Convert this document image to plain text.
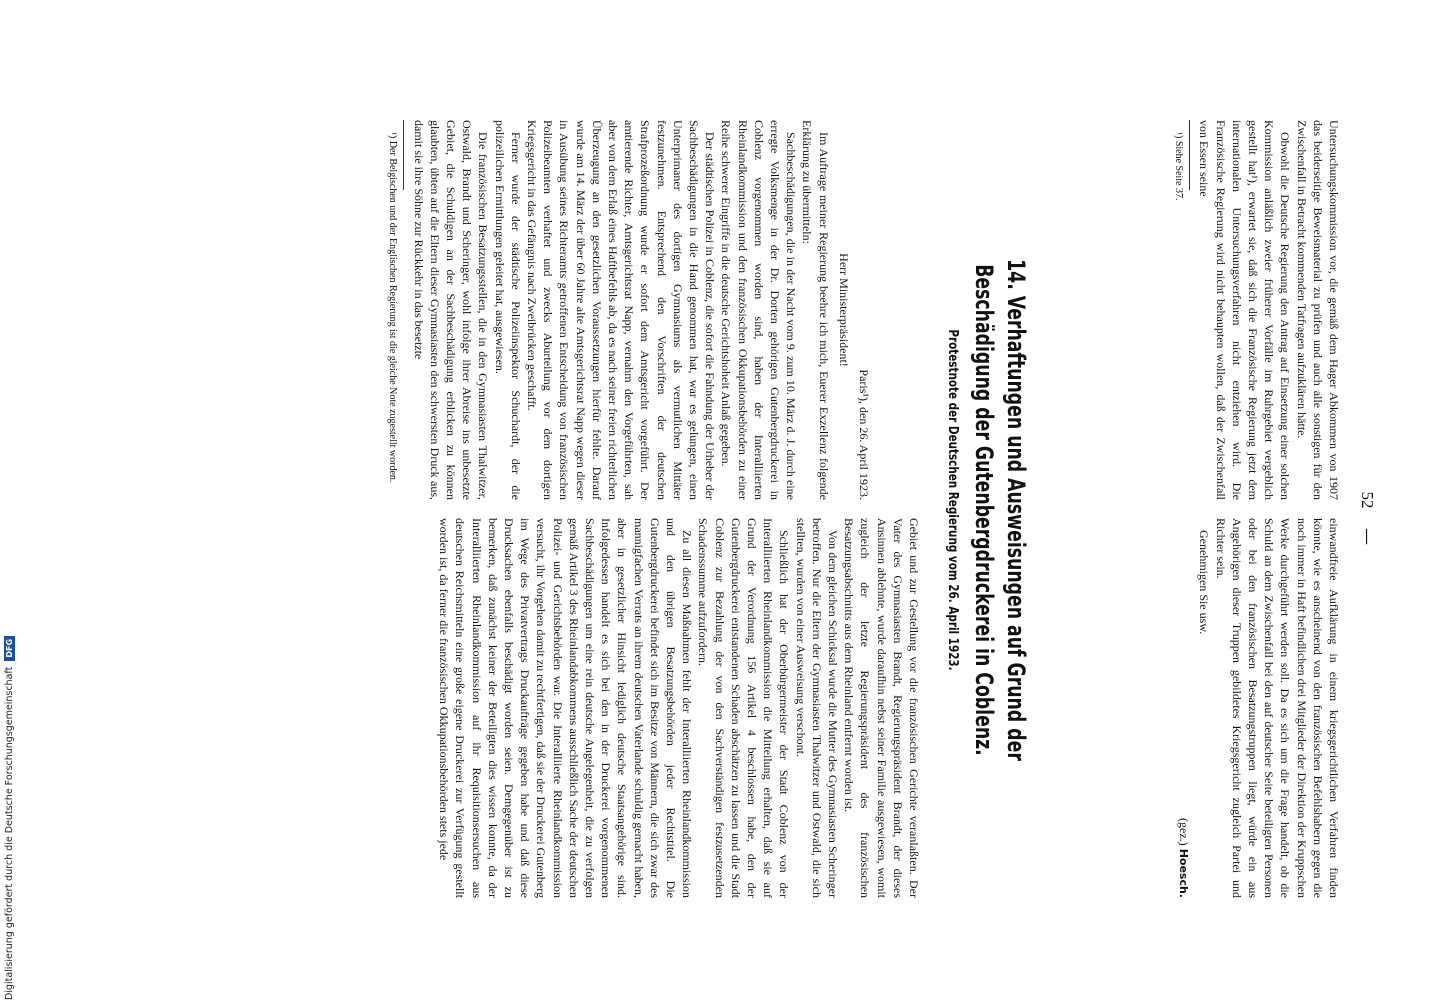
52
—

Untersuchungskommission vor, die gemäß dem Hager Abkommen von 1907 das beiderseitige Beweismaterial zu prüfen und auch alle sonstigen für den Zwischenfall in Betracht kommenden Tatfragen aufzuklären hätte.

Obwohl die Deutsche Regierung den Antrag auf Einsetzung einer solchen Kommission anläßlich zweier früherer Vorfälle im Ruhrgebiet vergeblich gestellt hat¹), erwartet sie, daß sich die Französische Regierung jetzt dem internationalen Untersuchungsverfahren nicht entziehen wird. Die Französische Regierung wird nicht behaupten wollen, daß der Zwischenfall von Essen seine

¹) Siehe Seite 37.

einwandfreie Aufklärung in einem kriegsgerichtlichen Verfahren finden könnte, wie es anscheinend von den französischen Befehlshabern gegen die noch immer in Haft befindlichen drei Mitglieder der Direktion der Kruppschen Werke durchgeführt werden soll. Da es sich um die Frage handelt, ob die Schuld an dem Zwischenfall bei den auf deutscher Seite beteiligten Personen oder bei den französischen Besatzungstruppen liegt, würde ein aus Angehörigen dieser Truppen gebildetes Kriegsgericht zugleich Partei und Richter sein.

Genehmigen Sie usw.

(gez.) Hoesch.

14. Verhaftungen und Ausweisungen auf Grund der Beschädigung der Gutenbergdruckerei in Coblenz.
Protestnote der Deutschen Regierung vom 26. April 1923.

Paris¹), den 26. April 1923.

Herr Ministerpräsident!

Im Auftrage meiner Regierung beehre ich mich, Euerer Exzellenz folgende Erklärung zu übermitteln:

Sachbeschädigungen, die in der Nacht vom 9. zum 10. März d. J. durch eine erregte Volksmenge in der Dr. Dorten gehörigen Gutenbergdruckerei in Coblenz vorgenommen worden sind, haben der Interalliierten Rheinlandkommission und den französischen Okkupationsbehörden zu einer Reihe schwerer Eingriffe in die deutsche Gerichtshoheit Anlaß gegeben.

Der städtischen Polizei in Coblenz, die sofort die Fahndung der Urheber der Sachbeschädigungen in die Hand genommen hat, war es gelungen, einen Unterprimaner des dortigen Gymnasiums als vermutlichen Mittäter festzunehmen. Entsprechend den Vorschriften der deutschen Strafprozeßordnung wurde er sofort dem Amtsgericht vorgeführt. Der amtierende Richter, Amtsgerichtsrat Napp, vernahm den Vorgeführten, sah aber von dem Erlaß eines Haftbefehls ab, da es nach seiner freien richterlichen Überzeugung an den gesetzlichen Voraussetzungen hierfür fehlte. Darauf wurde am 14. März der über 60 Jahre alte Amtsgerichtsrat Napp wegen dieser in Ausübung seines Richteramts getroffenen Entscheidung von französischen Polizeibeamten verhaftet und zwecks Aburteilung vor dem dortigen Kriegsgericht in das Gefängnis nach Zweibrücken geschafft.

Ferner wurde der städtische Polizeiinspektor Schuchardt, der die polizeilichen Ermittlungen geleitet hat, ausgewiesen.

Die französischen Besatzungsstellen, die in den Gymnasiasten Thalwitzer, Ostwald, Brandt und Scheringer, wohl infolge ihrer Abreise ins unbesetzte Gebiet, die Schuldigen an der Sachbeschädigung erblicken zu können glaubten, übten auf die Eltern dieser Gymnasiasten den schwersten Druck aus, damit sie ihre Söhne zur Rückkehr in das besetzte

¹) Der Belgischen und der Englischen Regierung ist die gleiche Note zugestellt worden.

Gebiet und zur Gestellung vor die französischen Gerichte veranlaßten. Der Vater des Gymnasiasten Brandt, Regierungspräsident Brandt, der dieses Ansinnen ablehnte, wurde daraufhin nebst seiner Familie ausgewiesen, womit zugleich der letzte Regierungspräsident des französischen Besatzungsabschnitts aus dem Rheinland entfernt worden ist.

Von dem gleichen Schicksal wurde die Mutter des Gymnasiasten Scheringer betroffen. Nur die Eltern der Gymnasiasten Thalwitzer und Ostwald, die sich stellten, wurden von einer Ausweisung verschont.

Schließlich hat der Oberbürgermeister der Stadt Coblenz von der Interalliierten Rheinlandkommission die Mitteilung erhalten, daß sie auf Grund der Verordnung 156 Artikel 4 beschlossen habe, den der Gutenbergdruckerei entstandenen Schaden abschätzen zu lassen und die Stadt Coblenz zur Bezahlung der von den Sachverständigen festzusetzenden Schadenssumme aufzufordern.

Zu all diesen Maßnahmen fehlt der Interalliierten Rheinlandkommission und den übrigen Besatzungsbehörden jeder Rechtstitel. Die Gutenbergdruckerei befindet sich im Besitze von Männern, die sich zwar des mannigfachen Verrats an ihrem deutschen Vaterlande schuldig gemacht haben, aber in gesetzlicher Hinsicht lediglich deutsche Staatsangehörige sind. Infolgedessen handelt es sich bei den in der Druckerei vorgenommenen Sachbeschädigungen um eine rein deutsche Angelegenheit, die zu verfolgen gemäß Artikel 3 des Rheinlandabkommens ausschließlich Sache der deutschen Polizei- und Gerichtsbehörden war. Die Interalliierte Rheinlandkommission versucht, ihr Vorgehen damit zu rechtfertigen, daß sie der Druckerei Gutenberg im Wege des Privatvertrags Druckaufträge gegeben habe und daß diese Drucksachen ebenfalls beschädigt worden seien. Demgegenüber ist zu bemerken, daß zunächst keiner der Beteiligten dies wissen konnte, da der Interalliierten Rheinlandkommission auf ihr Requisitionsersuchen aus deutschen Reichsmitteln eine große eigene Druckerei zur Verfügung gestellt worden ist, da ferner die französischen Okkupationsbehörden stets jede

Digitalisierung gefördert durch die Deutsche Forschungsgemeinschaft DFG
